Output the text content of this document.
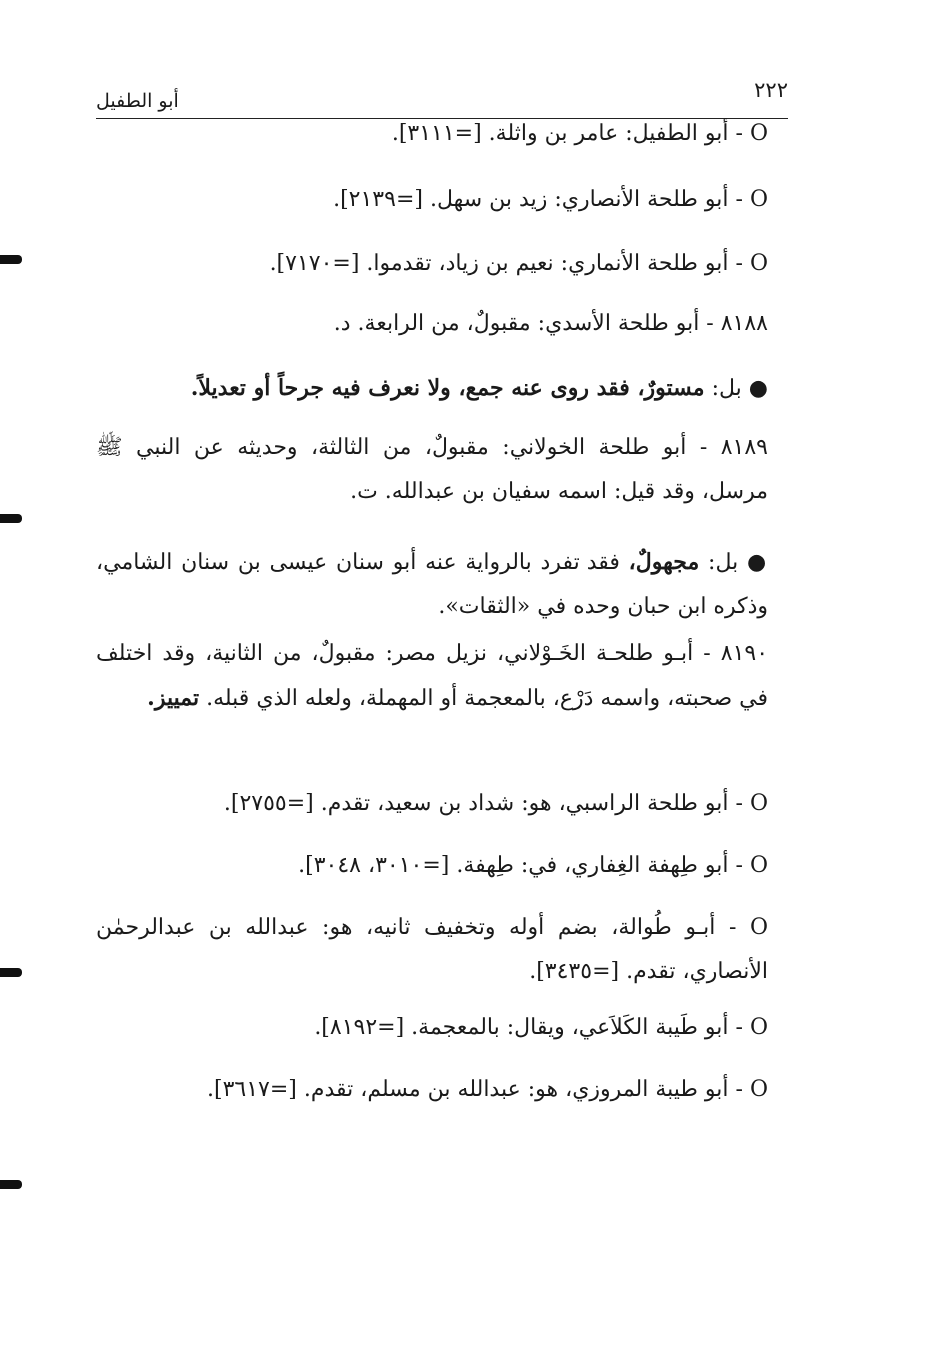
٢٢٢
أبو الطفيل

O - أبو الطفيل: عامر بن واثلة. [=٣١١١].

O - أبو طلحة الأنصاري: زيد بن سهل. [=٢١٣٩].

O - أبو طلحة الأنماري: نعيم بن زياد، تقدموا. [=٧١٧٠].

٨١٨٨ - أبو طلحة الأسدي: مقبولٌ، من الرابعة. د.

● بل: مستورٌ، فقد روى عنه جمع، ولا نعرف فيه جرحاً أو تعديلاً.

٨١٨٩ - أبو طلحة الخولاني: مقبولٌ، من الثالثة، وحديثه عن النبي ﷺ مرسل، وقد قيل: اسمه سفيان بن عبدالله. ت.

● بل: مجهولٌ، فقد تفرد بالرواية عنه أبو سنان عيسى بن سنان الشامي، وذكره ابن حبان وحده في «الثقات».

٨١٩٠ - أبـو طلحـة الخَـوْلاني، نزيل مصر: مقبولٌ، من الثانية، وقد اختلف في صحبته، واسمه دَرْع، بالمعجمة أو المهملة، ولعله الذي قبله. تمييز.

O - أبو طلحة الراسبي، هو: شداد بن سعيد، تقدم. [=٢٧٥٥].

O - أبو طِهفة الغِفاري، في: طِهفة. [=٣٠١٠، ٣٠٤٨].

O - أبـو طُوالة، بضم أوله وتخفيف ثانيه، هو: عبدالله بن عبدالرحمٰن الأنصاري، تقدم. [=٣٤٣٥].

O - أبو طَيبة الكَلاَعي، ويقال: بالمعجمة. [=٨١٩٢].

O - أبو طيبة المروزي، هو: عبدالله بن مسلم، تقدم. [=٣٦١٧].
